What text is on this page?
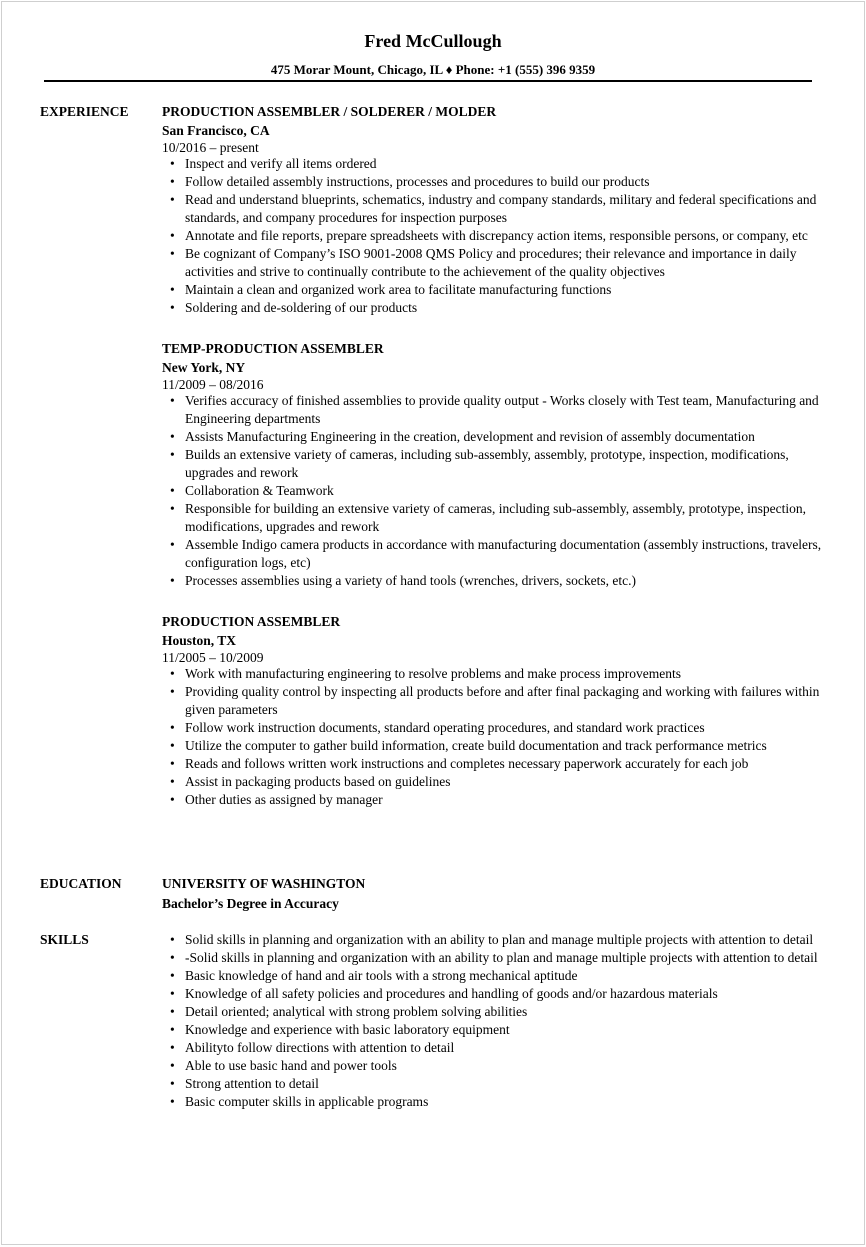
Fred McCullough
475 Morar Mount, Chicago, IL ♦ Phone: +1 (555) 396 9359
EXPERIENCE PRODUCTION ASSEMBLER / SOLDERER / MOLDER
San Francisco, CA
10/2016 – present
• Inspect and verify all items ordered
• Follow detailed assembly instructions, processes and procedures to build our products
• Read and understand blueprints, schematics, industry and company standards, military and federal specifications and standards, and company procedures for inspection purposes
• Annotate and file reports, prepare spreadsheets with discrepancy action items, responsible persons, or company, etc
• Be cognizant of Company’s ISO 9001-2008 QMS Policy and procedures; their relevance and importance in daily activities and strive to continually contribute to the achievement of the quality objectives
• Maintain a clean and organized work area to facilitate manufacturing functions
• Soldering and de-soldering of our products
TEMP-PRODUCTION ASSEMBLER
New York, NY
11/2009 – 08/2016
• Verifies accuracy of finished assemblies to provide quality output - Works closely with Test team, Manufacturing and Engineering departments
• Assists Manufacturing Engineering in the creation, development and revision of assembly documentation
• Builds an extensive variety of cameras, including sub-assembly, assembly, prototype, inspection, modifications, upgrades and rework
• Collaboration & Teamwork
• Responsible for building an extensive variety of cameras, including sub-assembly, assembly, prototype, inspection, modifications, upgrades and rework
• Assemble Indigo camera products in accordance with manufacturing documentation (assembly instructions, travelers, configuration logs, etc)
• Processes assemblies using a variety of hand tools (wrenches, drivers, sockets, etc.)
PRODUCTION ASSEMBLER
Houston, TX
11/2005 – 10/2009
• Work with manufacturing engineering to resolve problems and make process improvements
• Providing quality control by inspecting all products before and after final packaging and working with failures within given parameters
• Follow work instruction documents, standard operating procedures, and standard work practices
• Utilize the computer to gather build information, create build documentation and track performance metrics
• Reads and follows written work instructions and completes necessary paperwork accurately for each job
• Assist in packaging products based on guidelines
• Other duties as assigned by manager
EDUCATION	UNIVERSITY OF WASHINGTON
Bachelor’s Degree in Accuracy
SKILLS
•	Solid skills in planning and organization with an ability to plan and manage multiple projects with attention to detail
• -Solid skills in planning and organization with an ability to plan and manage multiple projects with attention to detail
• Basic knowledge of hand and air tools with a strong mechanical aptitude
• Knowledge of all safety policies and procedures and handling of goods and/or hazardous materials
• Detail oriented; analytical with strong problem solving abilities
• Knowledge and experience with basic laboratory equipment
• Abilityto follow directions with attention to detail
• Able to use basic hand and power tools
• Strong attention to detail
• Basic computer skills in applicable programs
